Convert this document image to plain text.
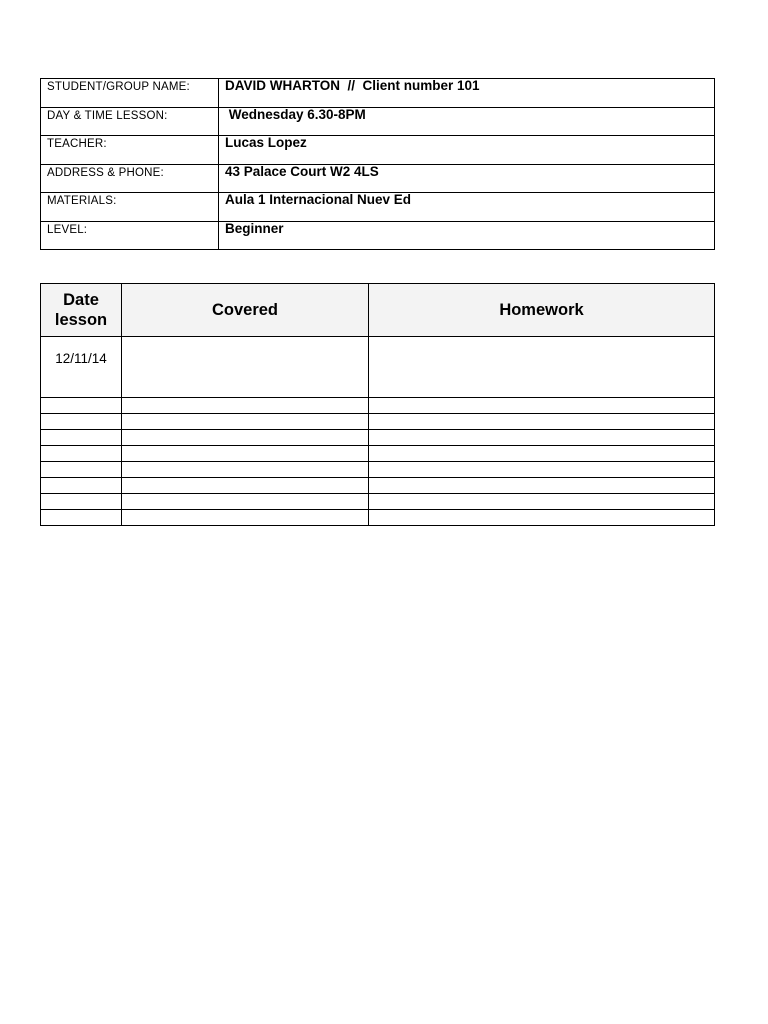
STUDENT/GROUP NAME:	DAVID WHARTON  //  Client number 101
DAY & TIME LESSON:	Wednesday 6.30-8PM
TEACHER:	Lucas Lopez
ADDRESS & PHONE:	43 Palace Court W2 4LS
MATERIALS:	Aula 1 Internacional Nuev Ed
LEVEL:	Beginner
Date
lesson	Covered	Homework
12/11/14		
